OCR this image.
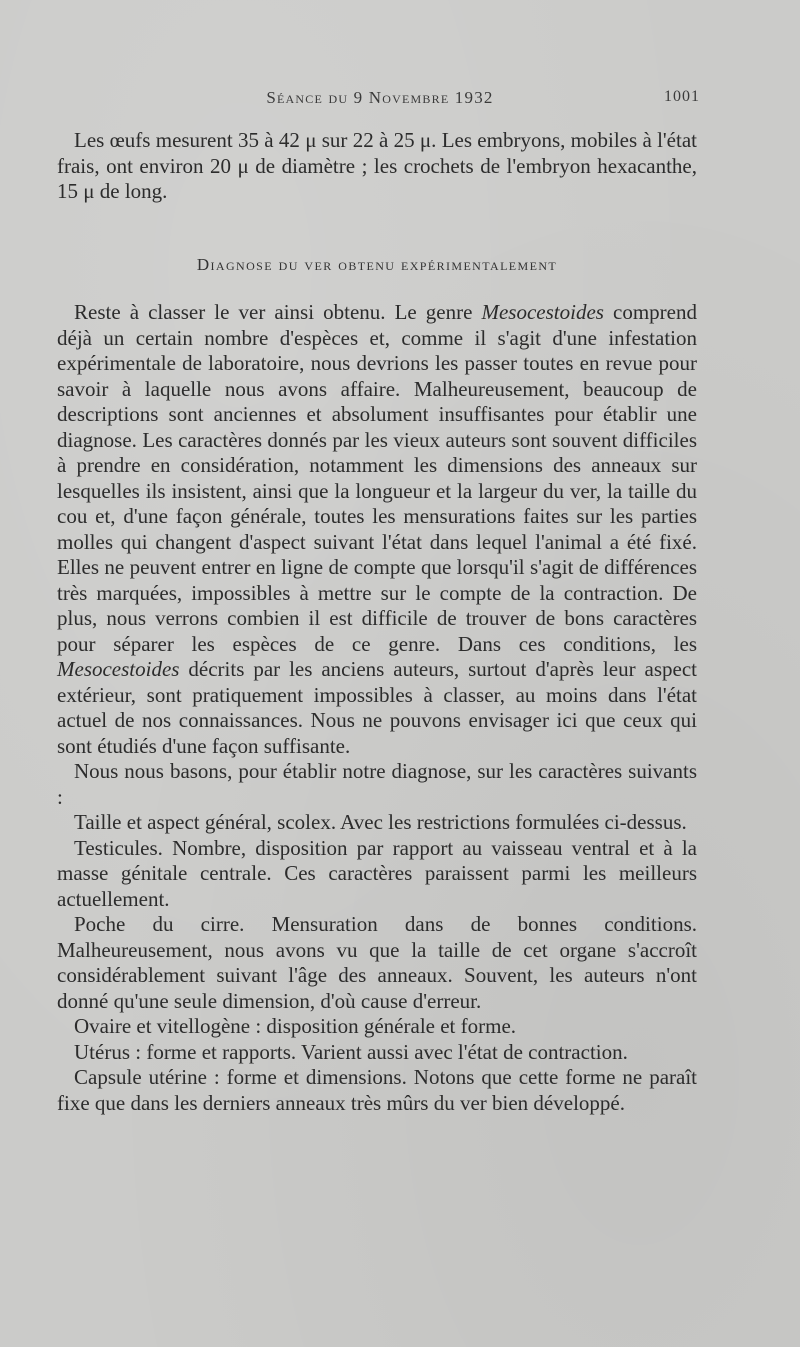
Séance du 9 Novembre 1932	1001

Les œufs mesurent 35 à 42 μ sur 22 à 25 μ. Les embryons, mobiles à l'état frais, ont environ 20 μ de diamètre ; les crochets de l'embryon hexacanthe, 15 μ de long.

Diagnose du ver obtenu expérimentalement

Reste à classer le ver ainsi obtenu. Le genre Mesocestoides comprend déjà un certain nombre d'espèces et, comme il s'agit d'une infestation expérimentale de laboratoire, nous devrions les passer toutes en revue pour savoir à laquelle nous avons affaire. Malheureusement, beaucoup de descriptions sont anciennes et absolument insuffisantes pour établir une diagnose. Les caractères donnés par les vieux auteurs sont souvent difficiles à prendre en considération, notamment les dimensions des anneaux sur lesquelles ils insistent, ainsi que la longueur et la largeur du ver, la taille du cou et, d'une façon générale, toutes les mensurations faites sur les parties molles qui changent d'aspect suivant l'état dans lequel l'animal a été fixé. Elles ne peuvent entrer en ligne de compte que lorsqu'il s'agit de différences très marquées, impossibles à mettre sur le compte de la contraction. De plus, nous verrons combien il est difficile de trouver de bons caractères pour séparer les espèces de ce genre. Dans ces conditions, les Mesocestoides décrits par les anciens auteurs, surtout d'après leur aspect extérieur, sont pratiquement impossibles à classer, au moins dans l'état actuel de nos connaissances. Nous ne pouvons envisager ici que ceux qui sont étudiés d'une façon suffisante.

Nous nous basons, pour établir notre diagnose, sur les caractères suivants :

Taille et aspect général, scolex. Avec les restrictions formulées ci-dessus.

Testicules. Nombre, disposition par rapport au vaisseau ventral et à la masse génitale centrale. Ces caractères paraissent parmi les meilleurs actuellement.

Poche du cirre. Mensuration dans de bonnes conditions. Malheureusement, nous avons vu que la taille de cet organe s'accroît considérablement suivant l'âge des anneaux. Souvent, les auteurs n'ont donné qu'une seule dimension, d'où cause d'erreur.

Ovaire et vitellogène : disposition générale et forme.

Utérus : forme et rapports. Varient aussi avec l'état de contraction.

Capsule utérine : forme et dimensions. Notons que cette forme ne paraît fixe que dans les derniers anneaux très mûrs du ver bien développé.
